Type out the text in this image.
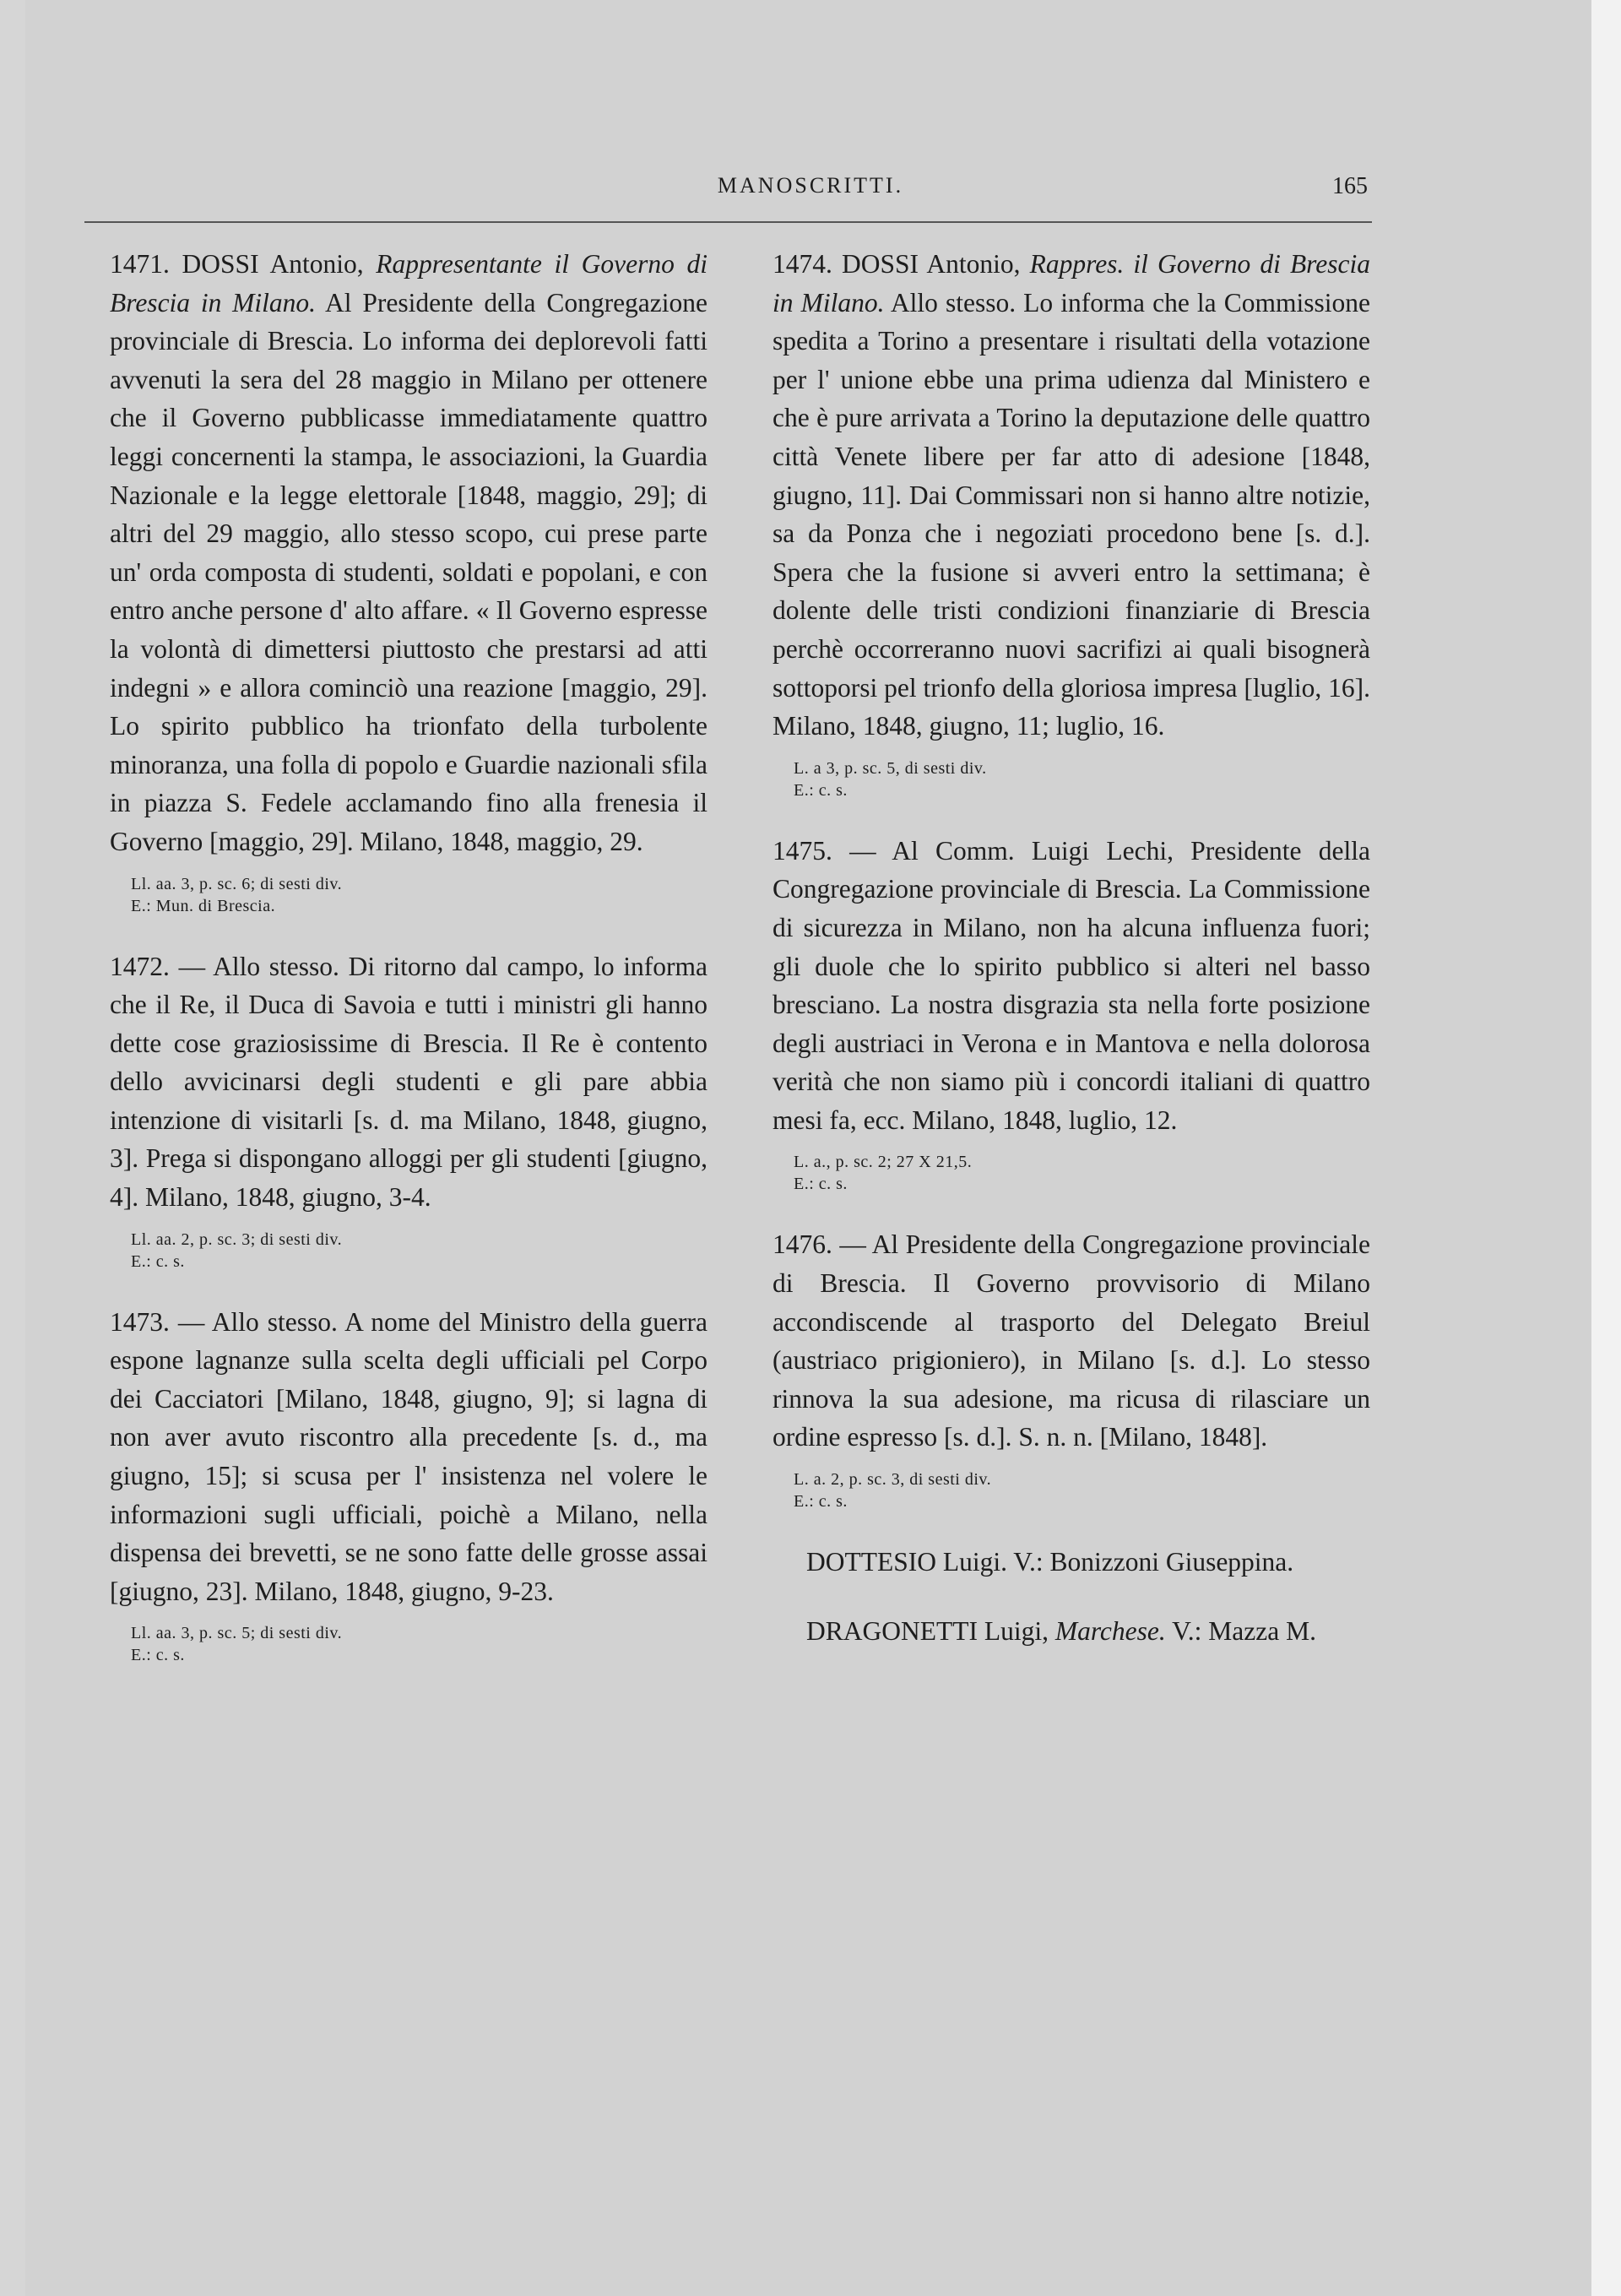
MANOSCRITTI.	165

1471. DOSSI Antonio, Rappresentante il Governo di Brescia in Milano. Al Presidente della Congregazione provinciale di Brescia. Lo informa dei deplorevoli fatti avvenuti la sera del 28 maggio in Milano per ottenere che il Governo pubblicasse immediatamente quattro leggi concernenti la stampa, le associazioni, la Guardia Nazionale e la legge elettorale [1848, maggio, 29]; di altri del 29 maggio, allo stesso scopo, cui prese parte un' orda composta di studenti, soldati e popolani, e con entro anche persone d' alto affare. « Il Governo espresse la volontà di dimettersi piuttosto che prestarsi ad atti indegni » e allora cominciò una reazione [maggio, 29]. Lo spirito pubblico ha trionfato della turbolente minoranza, una folla di popolo e Guardie nazionali sfila in piazza S. Fedele acclamando fino alla frenesia il Governo [maggio, 29]. Milano, 1848, maggio, 29.

Ll. aa. 3, p. sc. 6; di sesti div.
E.: Mun. di Brescia.

1472. — Allo stesso. Di ritorno dal campo, lo informa che il Re, il Duca di Savoia e tutti i ministri gli hanno dette cose graziosissime di Brescia. Il Re è contento dello avvicinarsi degli studenti e gli pare abbia intenzione di visitarli [s. d. ma Milano, 1848, giugno, 3]. Prega si dispongano alloggi per gli studenti [giugno, 4]. Milano, 1848, giugno, 3-4.

Ll. aa. 2, p. sc. 3; di sesti div.
E.: c. s.

1473. — Allo stesso. A nome del Ministro della guerra espone lagnanze sulla scelta degli ufficiali pel Corpo dei Cacciatori [Milano, 1848, giugno, 9]; si lagna di non aver avuto riscontro alla precedente [s. d., ma giugno, 15]; si scusa per l' insistenza nel volere le informazioni sugli ufficiali, poichè a Milano, nella dispensa dei brevetti, se ne sono fatte delle grosse assai [giugno, 23]. Milano, 1848, giugno, 9-23.

Ll. aa. 3, p. sc. 5; di sesti div.
E.: c. s.

1474. DOSSI Antonio, Rappres. il Governo di Brescia in Milano. Allo stesso. Lo informa che la Commissione spedita a Torino a presentare i risultati della votazione per l' unione ebbe una prima udienza dal Ministero e che è pure arrivata a Torino la deputazione delle quattro città Venete libere per far atto di adesione [1848, giugno, 11]. Dai Commissari non si hanno altre notizie, sa da Ponza che i negoziati procedono bene [s. d.]. Spera che la fusione si avveri entro la settimana; è dolente delle tristi condizioni finanziarie di Brescia perchè occorreranno nuovi sacrifizi ai quali bisognerà sottoporsi pel trionfo della gloriosa impresa [luglio, 16]. Milano, 1848, giugno, 11; luglio, 16.

L. a 3, p. sc. 5, di sesti div.
E.: c. s.

1475. — Al Comm. Luigi Lechi, Presidente della Congregazione provinciale di Brescia. La Commissione di sicurezza in Milano, non ha alcuna influenza fuori; gli duole che lo spirito pubblico si alteri nel basso bresciano. La nostra disgrazia sta nella forte posizione degli austriaci in Verona e in Mantova e nella dolorosa verità che non siamo più i concordi italiani di quattro mesi fa, ecc. Milano, 1848, luglio, 12.

L. a., p. sc. 2; 27 X 21,5.
E.: c. s.

1476. — Al Presidente della Congregazione provinciale di Brescia. Il Governo provvisorio di Milano accondiscende al trasporto del Delegato Breiul (austriaco prigioniero), in Milano [s. d.]. Lo stesso rinnova la sua adesione, ma ricusa di rilasciare un ordine espresso [s. d.]. S. n. n. [Milano, 1848].

L. a. 2, p. sc. 3, di sesti div.
E.: c. s.

DOTTESIO Luigi. V.: Bonizzoni Giuseppina.

DRAGONETTI Luigi, Marchese. V.: Mazza M.
